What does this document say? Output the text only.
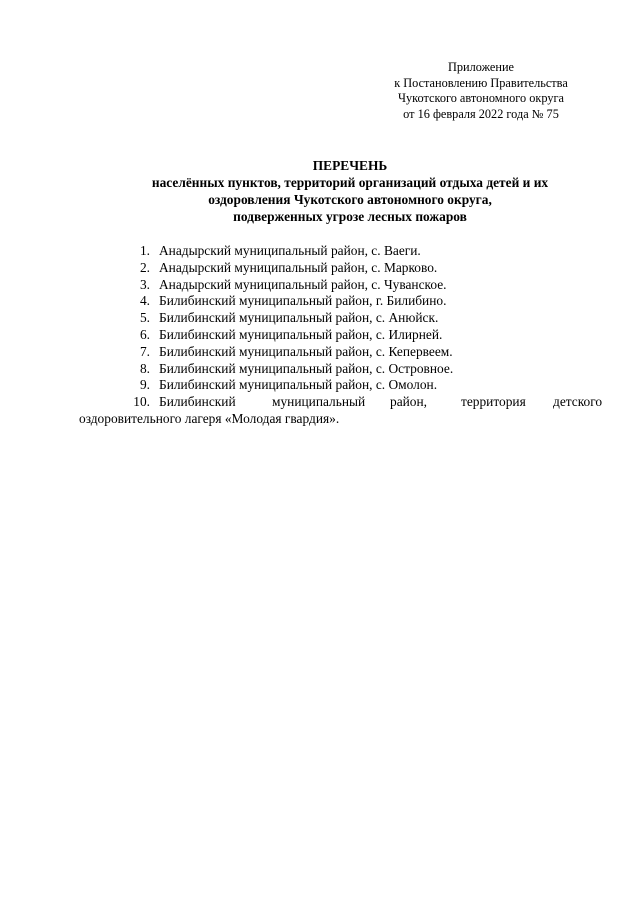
Приложение
к Постановлению Правительства
Чукотского автономного округа
от 16 февраля 2022 года № 75
ПЕРЕЧЕНЬ
населённых пунктов, территорий организаций отдыха детей и их
оздоровления Чукотского автономного округа,
подверженных угрозе лесных пожаров
1. Анадырский муниципальный район, с. Ваеги.
2. Анадырский муниципальный район, с. Марково.
3. Анадырский муниципальный район, с. Чуванское.
4. Билибинский муниципальный район, г. Билибино.
5. Билибинский муниципальный район, с. Анюйск.
6. Билибинский муниципальный район, с. Илирней.
7. Билибинский муниципальный район, с. Кепервеем.
8. Билибинский муниципальный район, с. Островное.
9. Билибинский муниципальный район, с. Омолон.
10. Билибинский	муниципальный район,	территория детского
оздоровительного лагеря «Молодая гвардия».
